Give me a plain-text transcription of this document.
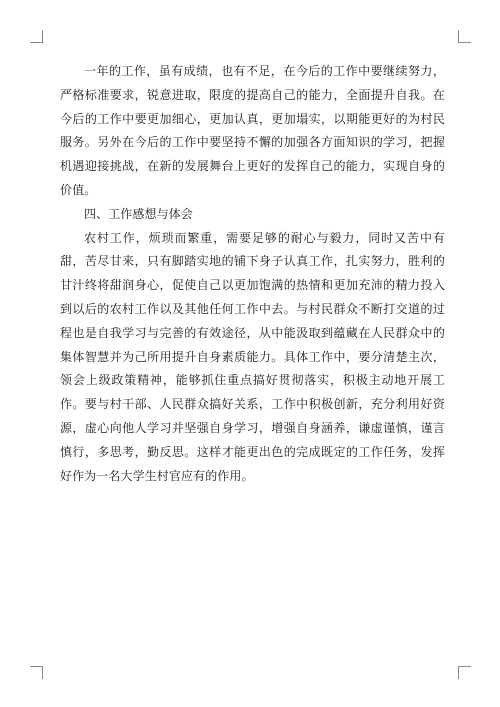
一年的工作，虽有成绩，也有不足，在今后的工作中要继续努力，严格标准要求，锐意进取，限度的提高自己的能力，全面提升自我。在今后的工作中要更加细心，更加认真，更加塌实，以期能更好的为村民服务。另外在今后的工作中要坚持不懈的加强各方面知识的学习，把握机遇迎接挑战，在新的发展舞台上更好的发挥自己的能力，实现自身的价值。

四、工作感想与体会

农村工作，烦琐而繁重，需要足够的耐心与毅力，同时又苦中有甜，苦尽甘来，只有脚踏实地的铺下身子认真工作，扎实努力，胜利的甘汁终将甜润身心，促使自己以更加饱满的热情和更加充沛的精力投入到以后的农村工作以及其他任何工作中去。与村民群众不断打交道的过程也是自我学习与完善的有效途径，从中能汲取到蕴藏在人民群众中的集体智慧并为己所用提升自身素质能力。具体工作中，要分清楚主次，领会上级政策精神，能够抓住重点搞好贯彻落实，积极主动地开展工作。要与村干部、人民群众搞好关系，工作中积极创新，充分利用好资源，虚心向他人学习并坚强自身学习，增强自身涵养，谦虚谨慎，谨言慎行，多思考，勤反思。这样才能更出色的完成既定的工作任务，发挥好作为一名大学生村官应有的作用。
